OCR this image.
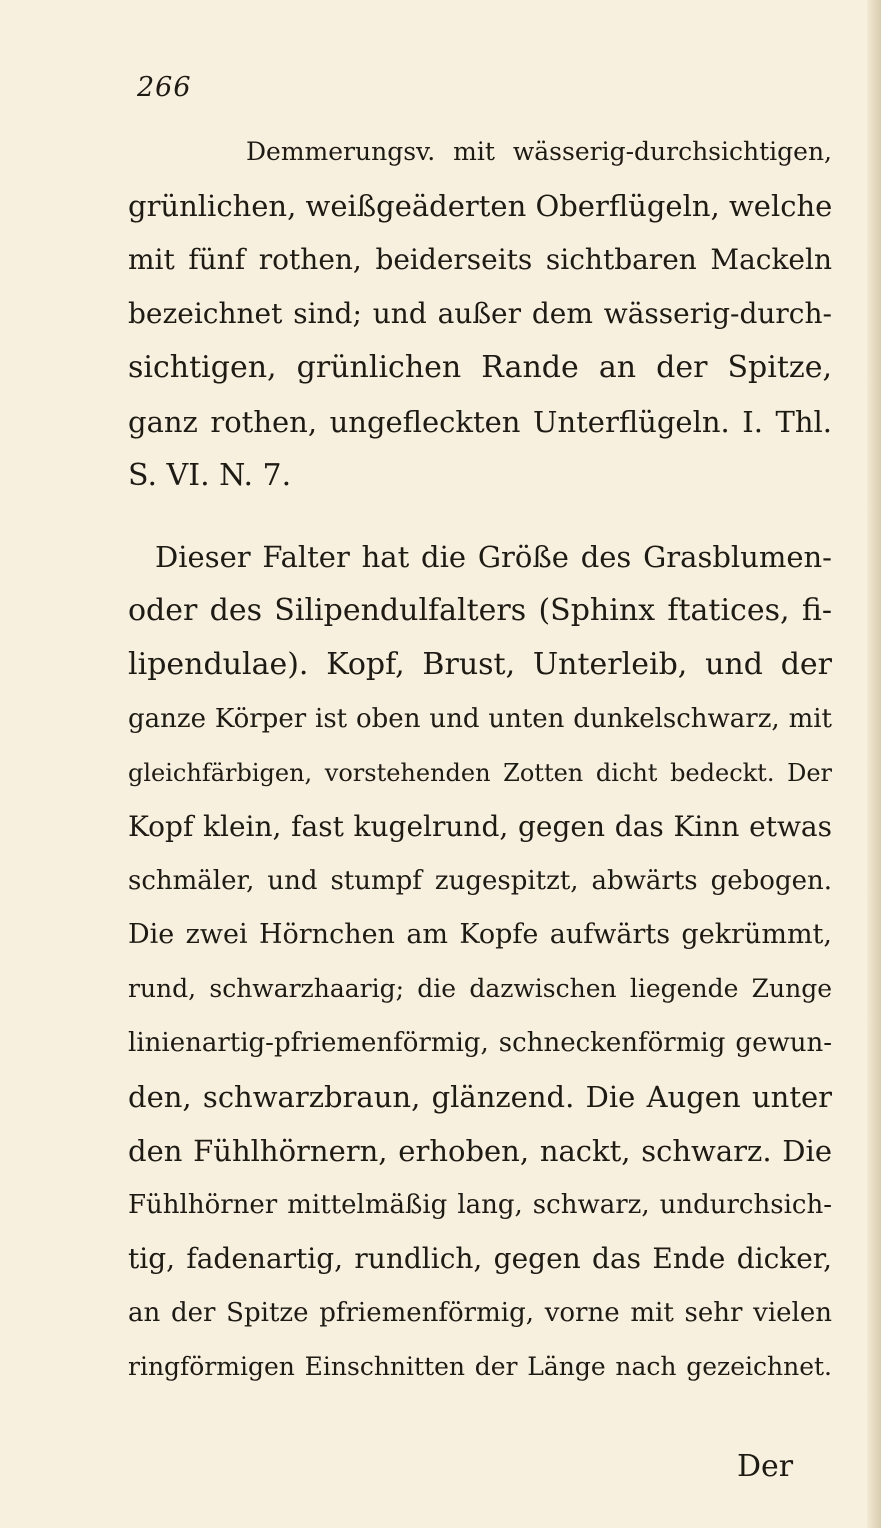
266
Demmerungsv. mit wässerig-durchsichtigen,
grünlichen, weißgeäderten Oberflügeln, welche
mit fünf rothen, beiderseits sichtbaren Mackeln
bezeichnet sind; und außer dem wässerig-durch-
sichtigen, grünlichen Rande an der Spitze,
ganz rothen, ungefleckten Unterflügeln. I. Thl.
S. VI. N. 7.
Dieser Falter hat die Größe des Grasblumen-
oder des Silipendulfalters (Sphinx ftatices, fi-
lipendulae). Kopf, Brust, Unterleib, und der
ganze Körper ist oben und unten dunkelschwarz, mit
gleichfärbigen, vorstehenden Zotten dicht bedeckt. Der
Kopf klein, fast kugelrund, gegen das Kinn etwas
schmäler, und stumpf zugespitzt, abwärts gebogen.
Die zwei Hörnchen am Kopfe aufwärts gekrümmt,
rund, schwarzhaarig; die dazwischen liegende Zunge
linienartig-pfriemenförmig, schneckenförmig gewun-
den, schwarzbraun, glänzend. Die Augen unter
den Fühlhörnern, erhoben, nackt, schwarz. Die
Fühlhörner mittelmäßig lang, schwarz, undurchsich-
tig, fadenartig, rundlich, gegen das Ende dicker,
an der Spitze pfriemenförmig, vorne mit sehr vielen
ringförmigen Einschnitten der Länge nach gezeichnet.
Der
